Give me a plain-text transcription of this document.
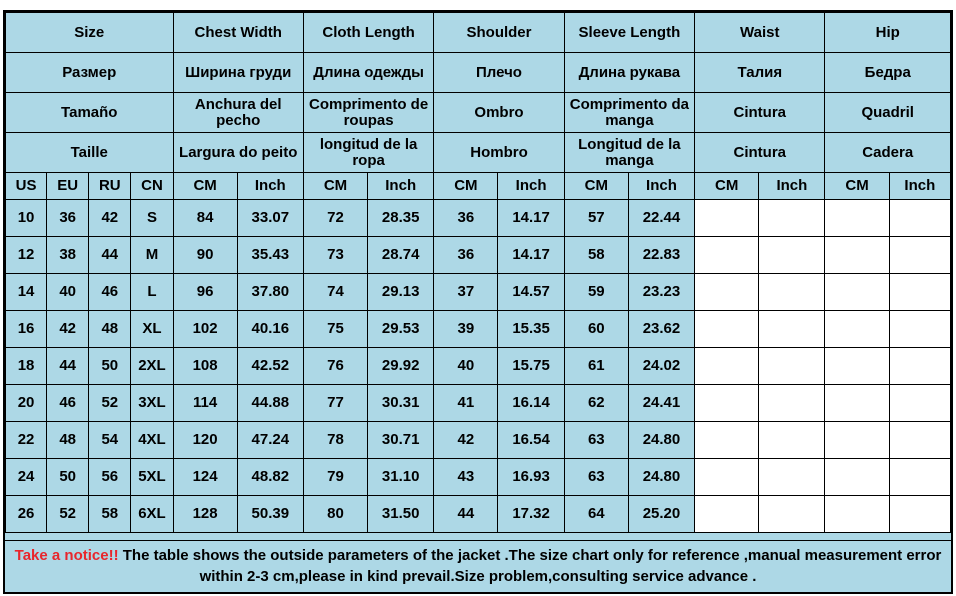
Size				Chest Width		Cloth Length		Shoulder		Sleeve Length		Waist		Hip	
Размер				Ширина груди		Длина одежды		Плечо		Длина рукава		Талия		Бедра	
Tamaño				Anchura del pecho		Comprimento de roupas		Ombro		Comprimento da manga		Cintura		Quadril	
Taille				Largura do peito		longitud de la ropa		Hombro		Longitud de la manga		Cintura		Cadera	
US	EU	RU	CN	CM	Inch	CM	Inch	CM	Inch	CM	Inch	CM	Inch	CM	Inch
10	36	42	S	84	33.07	72	28.35	36	14.17	57	22.44				
12	38	44	M	90	35.43	73	28.74	36	14.17	58	22.83				
14	40	46	L	96	37.80	74	29.13	37	14.57	59	23.23				
16	42	48	XL	102	40.16	75	29.53	39	15.35	60	23.62				
18	44	50	2XL	108	42.52	76	29.92	40	15.75	61	24.02				
20	46	52	3XL	114	44.88	77	30.31	41	16.14	62	24.41				
22	48	54	4XL	120	47.24	78	30.71	42	16.54	63	24.80				
24	50	56	5XL	124	48.82	79	31.10	43	16.93	63	24.80				
26	52	58	6XL	128	50.39	80	31.50	44	17.32	64	25.20				
Take a notice!! The table shows the outside parameters of the jacket .The size chart only for reference ,manual measurement error within 2-3 cm,please in kind prevail.Size problem,consulting service advance .
